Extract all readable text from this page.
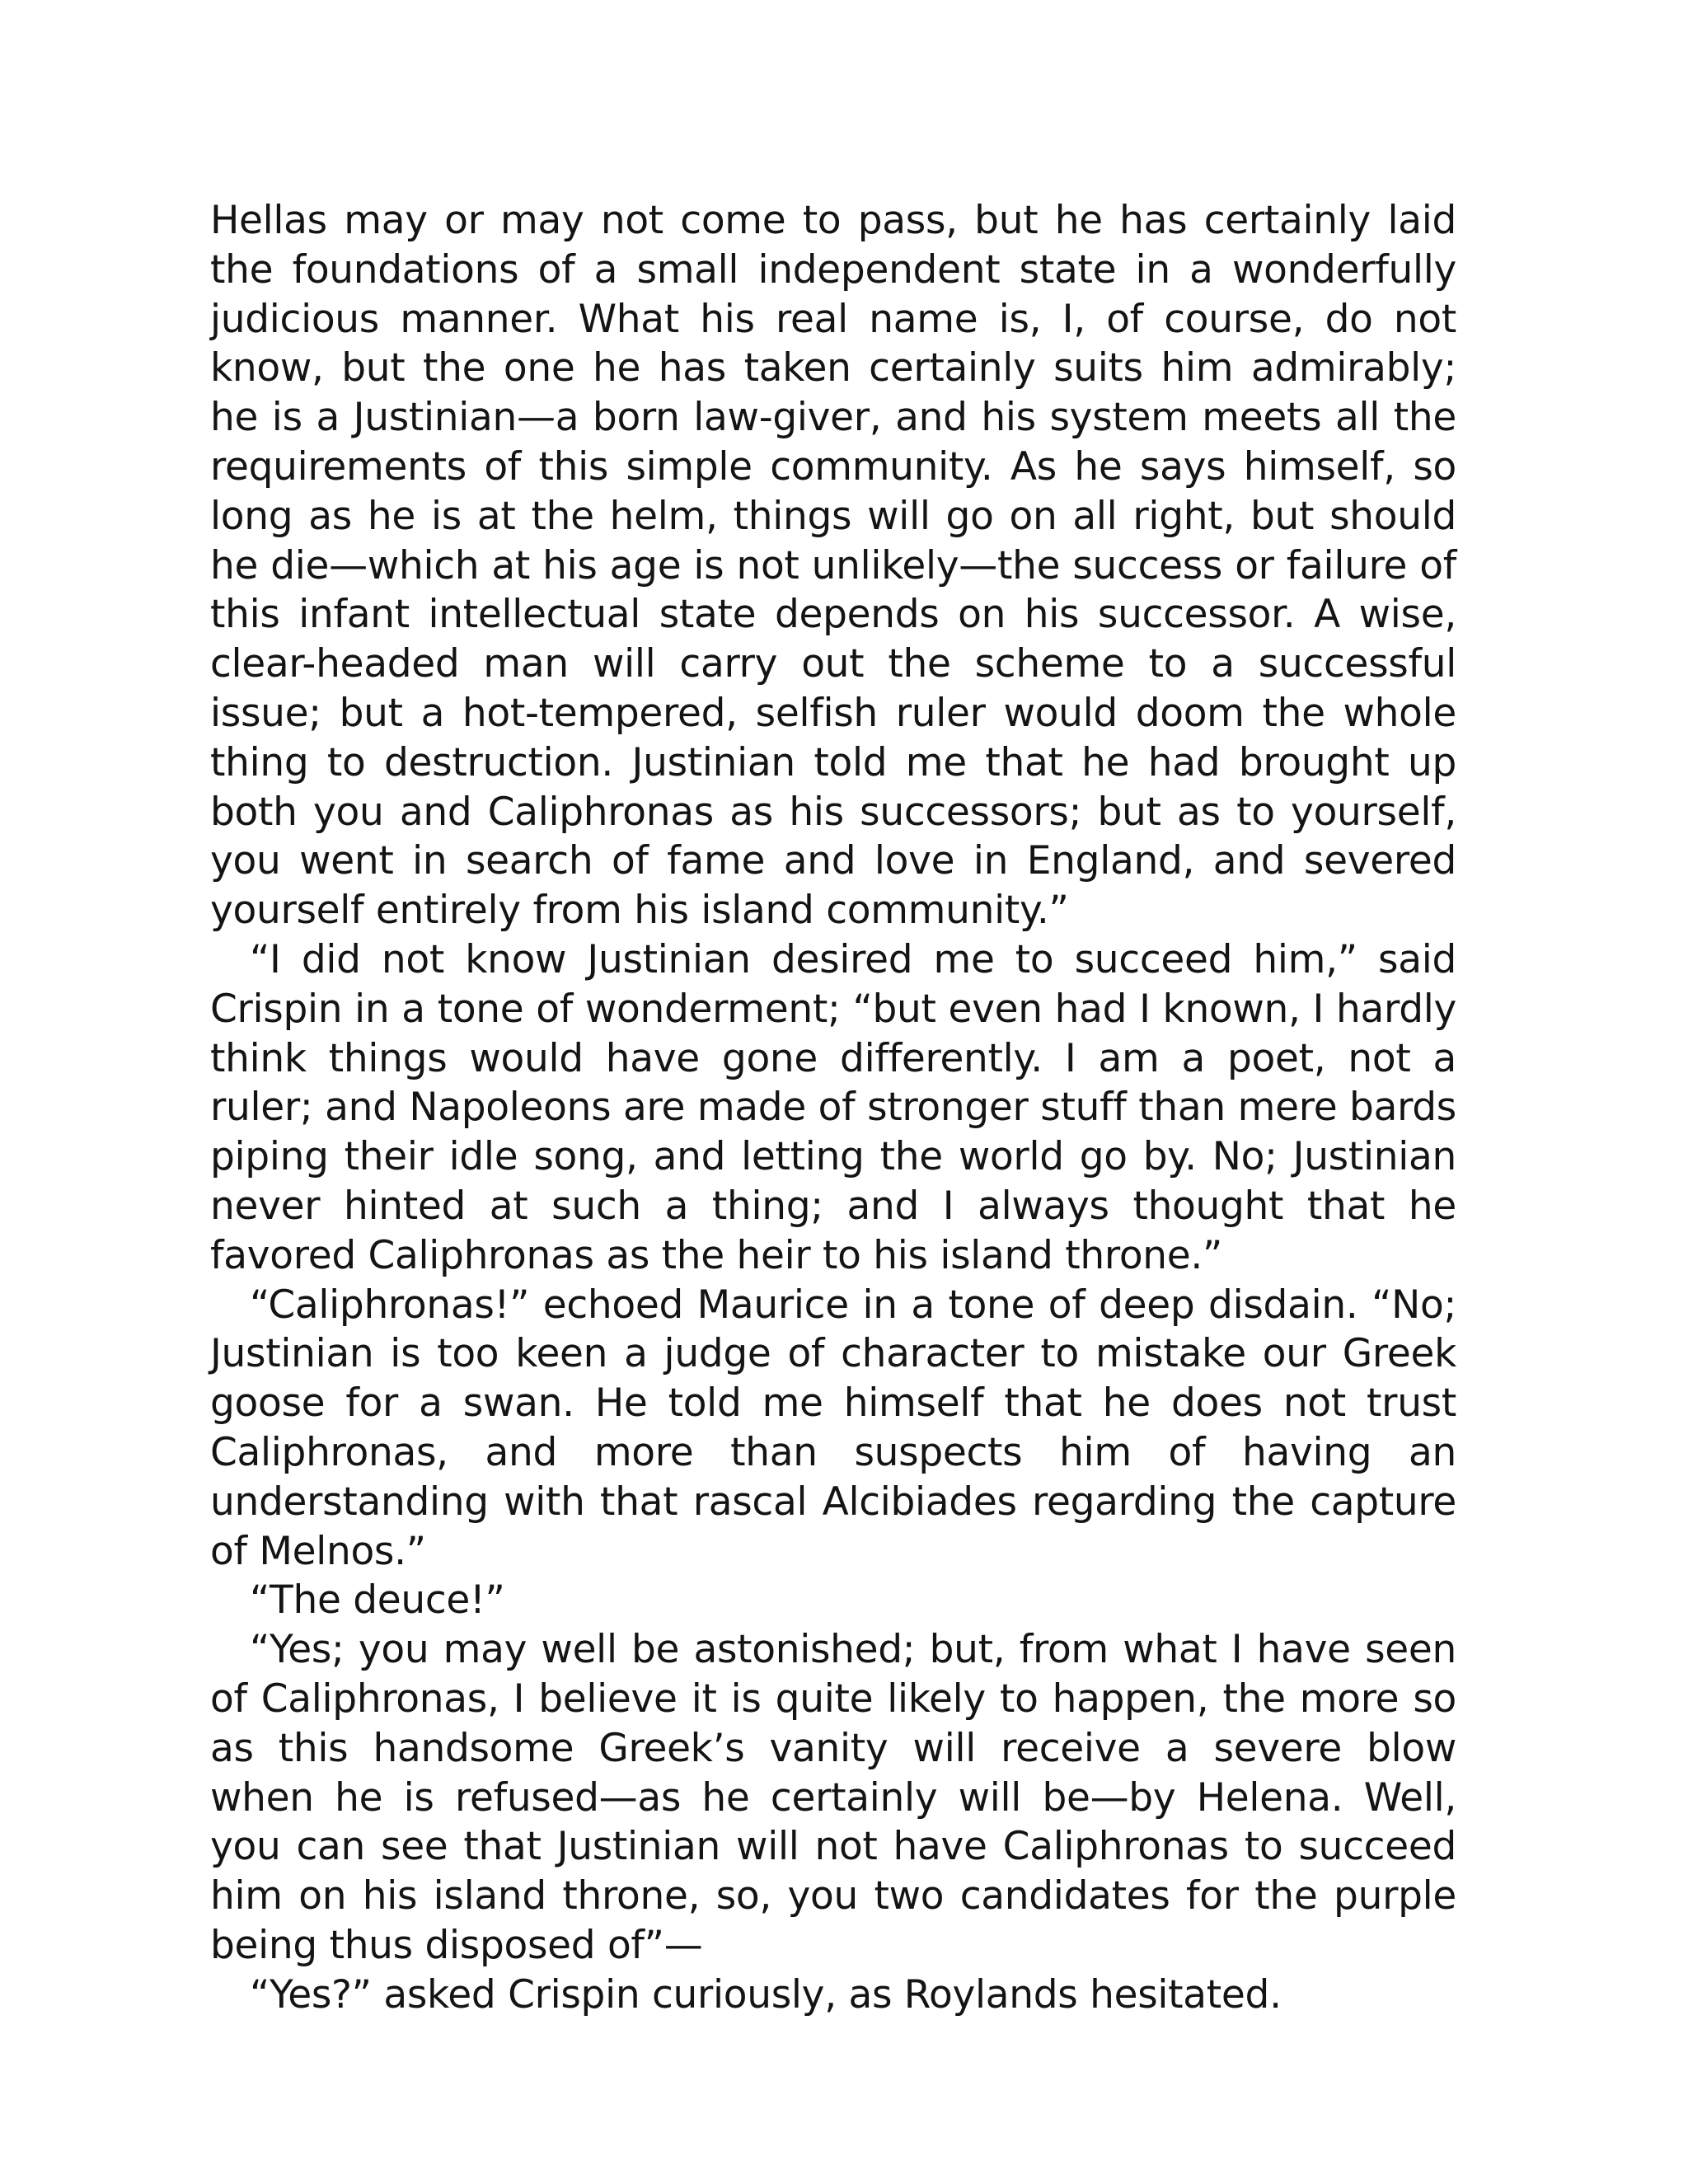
Hellas may or may not come to pass, but he has certainly laid the foundations of a small independent state in a wonderfully judicious manner. What his real name is, I, of course, do not know, but the one he has taken certainly suits him admirably; he is a Justinian—a born law-giver, and his system meets all the requirements of this simple community. As he says himself, so long as he is at the helm, things will go on all right, but should he die—which at his age is not unlikely—the success or failure of this infant intellectual state depends on his successor. A wise, clear-headed man will carry out the scheme to a successful issue; but a hot-tempered, selfish ruler would doom the whole thing to destruction. Justinian told me that he had brought up both you and Caliphronas as his successors; but as to yourself, you went in search of fame and love in England, and severed yourself entirely from his island community.”

“I did not know Justinian desired me to succeed him,” said Crispin in a tone of wonderment; “but even had I known, I hardly think things would have gone differently. I am a poet, not a ruler; and Napoleons are made of stronger stuff than mere bards piping their idle song, and letting the world go by. No; Justinian never hinted at such a thing; and I always thought that he favored Caliphronas as the heir to his island throne.”

“Caliphronas!” echoed Maurice in a tone of deep disdain. “No; Justinian is too keen a judge of character to mistake our Greek goose for a swan. He told me himself that he does not trust Caliphronas, and more than suspects him of having an understanding with that rascal Alcibiades regarding the capture of Melnos.”

“The deuce!”

“Yes; you may well be astonished; but, from what I have seen of Caliphronas, I believe it is quite likely to happen, the more so as this handsome Greek’s vanity will receive a severe blow when he is refused—as he certainly will be—by Helena. Well, you can see that Justinian will not have Caliphronas to succeed him on his island throne, so, you two candidates for the purple being thus disposed of”—

“Yes?” asked Crispin curiously, as Roylands hesitated.
